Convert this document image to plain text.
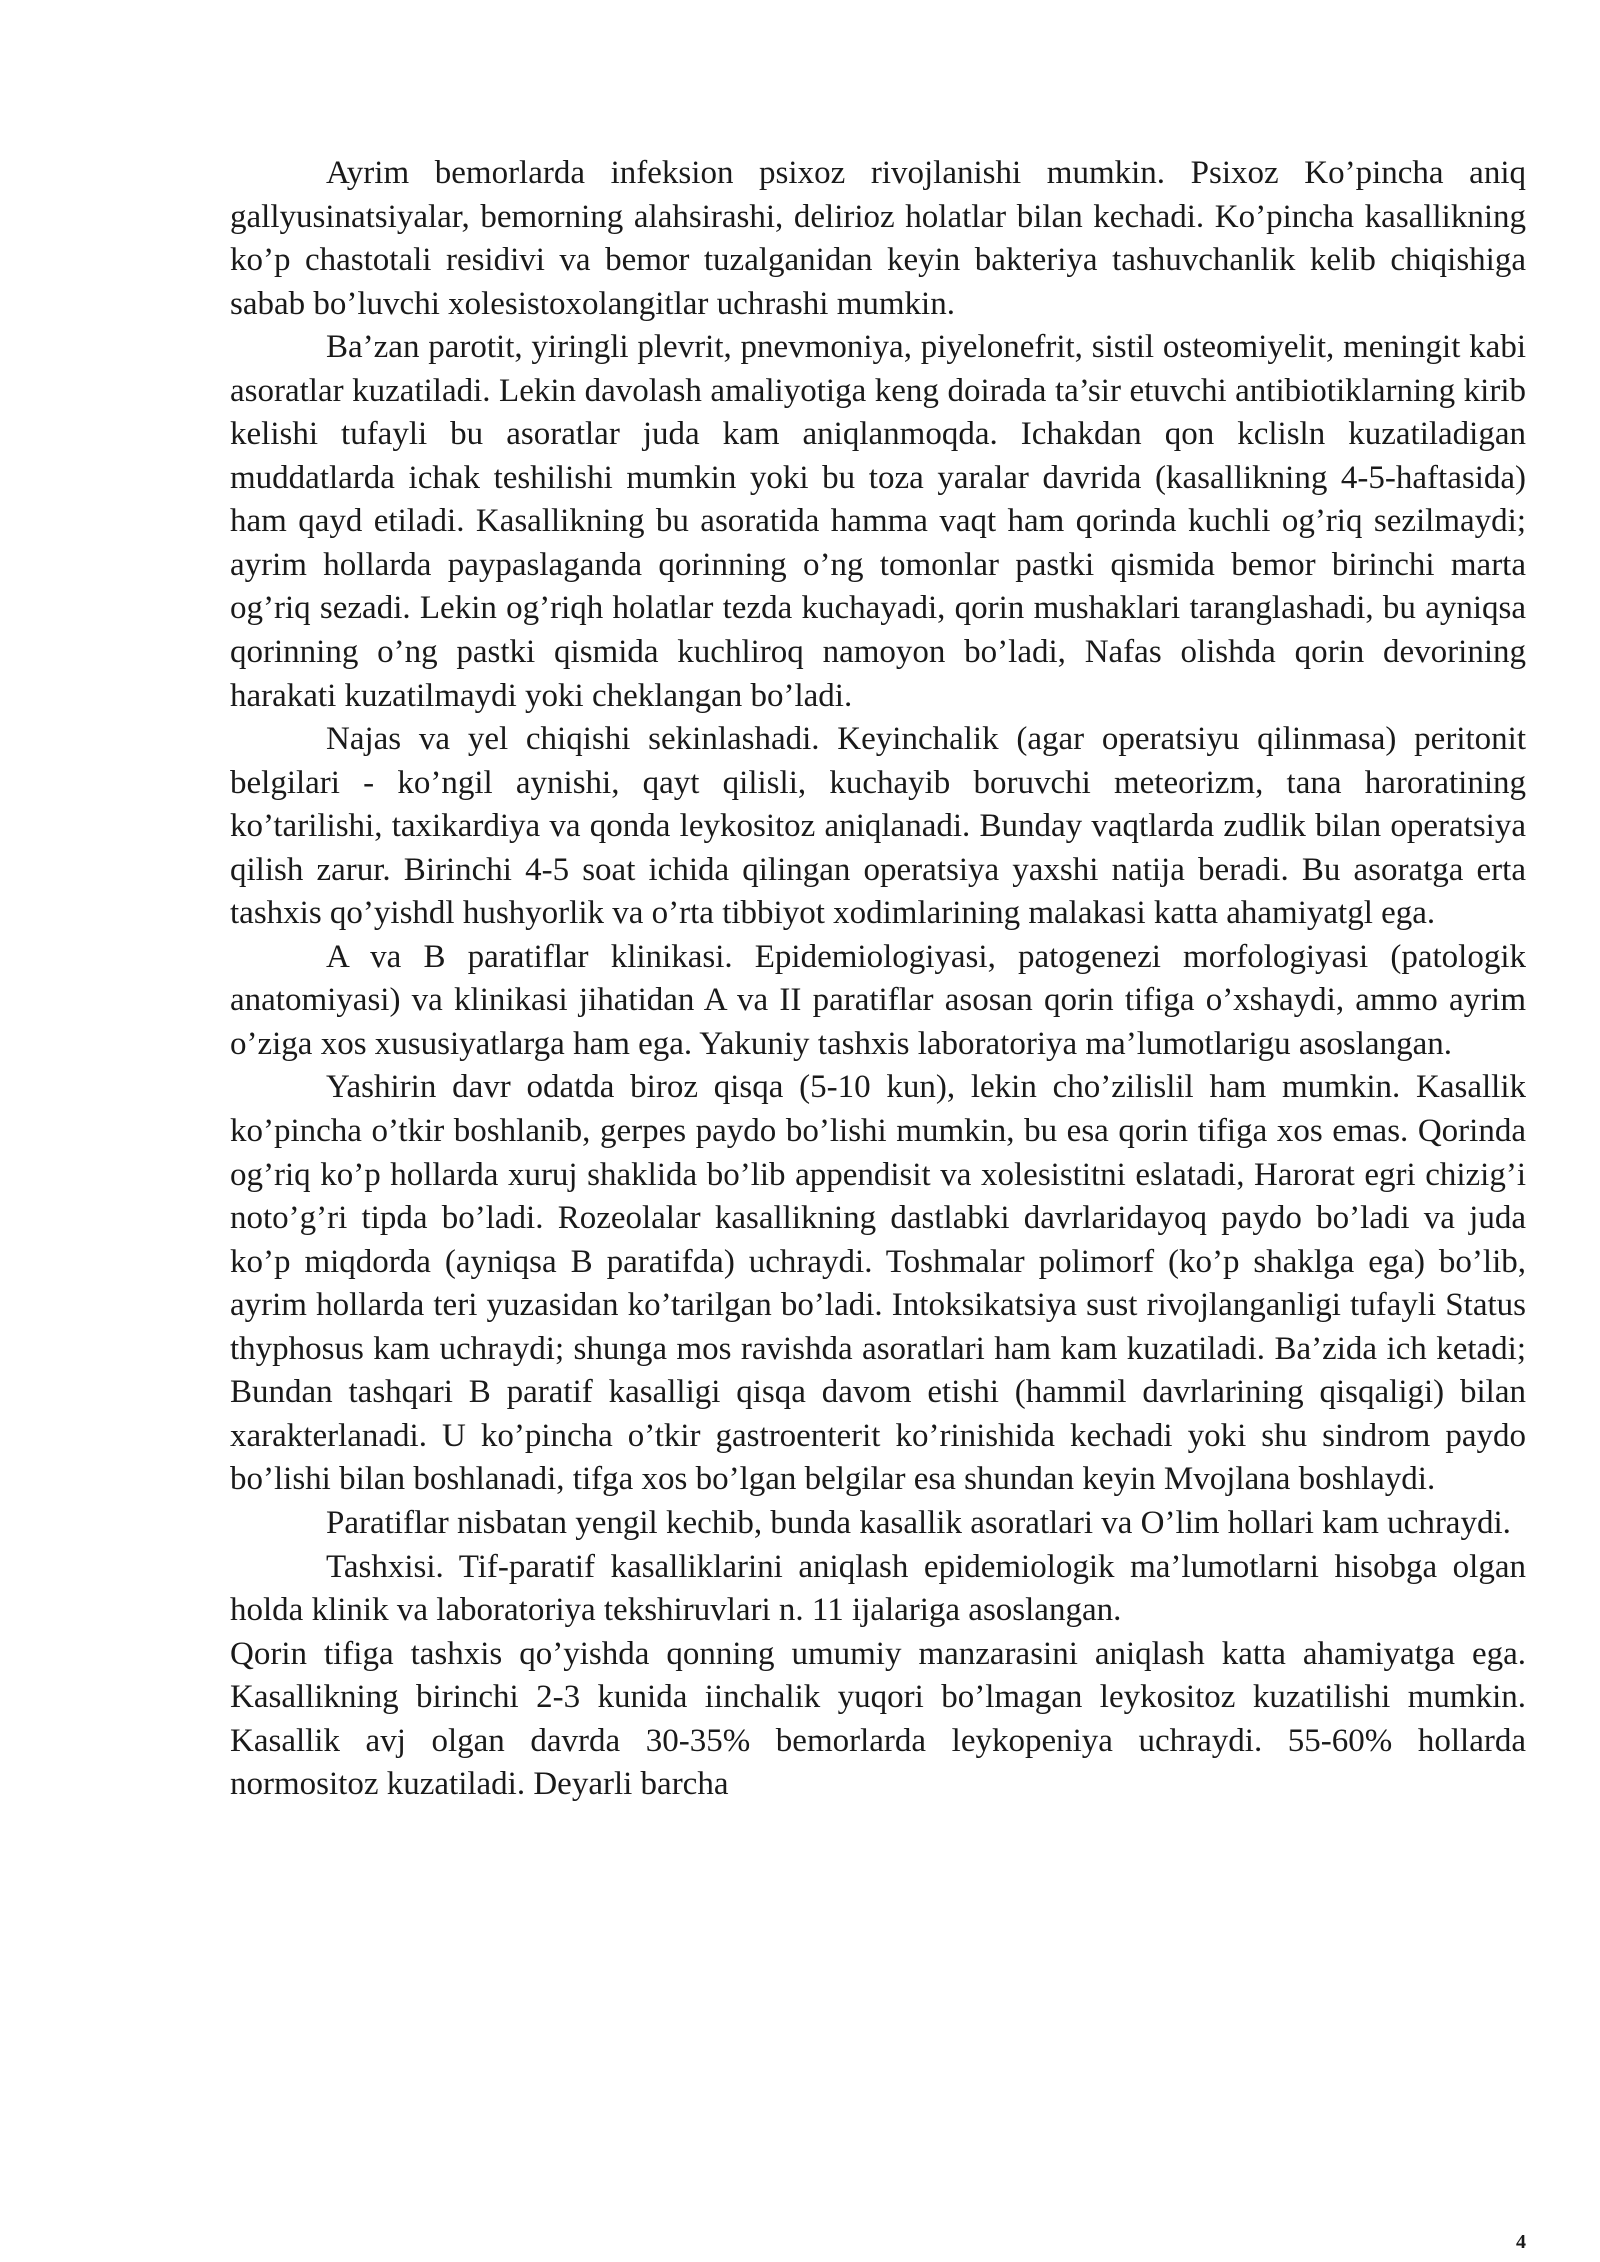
Ayrim bemorlarda infeksion psixoz rivojlanishi mumkin. Psixoz Ko’pincha aniq gallyusinatsiyalar, bemorning alahsirashi, delirioz holatlar bilan kechadi. Ko’pincha kasallikning ko’p chastotali residivi va bemor tuzalganidan keyin bakteriya tashuvchanlik kelib chiqishiga sabab bo’luvchi xolesistoxolangitlar uchrashi mumkin.

Ba’zan parotit, yiringli plevrit, pnevmoniya, piyelonefrit, sistil osteomiyelit, meningit kabi asoratlar kuzatiladi. Lekin davolash amaliyotiga keng doirada ta’sir etuvchi antibiotiklarning kirib kelishi tufayli bu asoratlar juda kam aniqlanmoqda. Ichakdan qon kclisln kuzatiladigan muddatlarda ichak teshilishi mumkin yoki bu toza yaralar davrida (kasallikning 4-5-haftasida) ham qayd etiladi. Kasallikning bu asoratida hamma vaqt ham qorinda kuchli og’riq sezilmaydi; ayrim hollarda paypaslaganda qorinning o’ng tomonlar pastki qismida bemor birinchi marta og’riq sezadi. Lekin og’riqh holatlar tezda kuchayadi, qorin mushaklari taranglashadi, bu ayniqsa qorinning o’ng pastki qismida kuchliroq namoyon bo’ladi, Nafas olishda qorin devorining harakati kuzatilmaydi yoki cheklangan bo’ladi.

Najas va yel chiqishi sekinlashadi. Keyinchalik (agar operatsiyu qilinmasa) peritonit belgilari - ko’ngil aynishi, qayt qilisli, kuchayib boruvchi meteorizm, tana haroratining ko’tarilishi, taxikardiya va qonda leykositoz aniqlanadi. Bunday vaqtlarda zudlik bilan operatsiya qilish zarur. Birinchi 4-5 soat ichida qilingan operatsiya yaxshi natija beradi. Bu asoratga erta tashxis qo’yishdl hushyorlik va o’rta tibbiyot xodimlarining malakasi katta ahamiyatgl ega.

A va B paratiflar klinikasi. Epidemiologiyasi, patogenezi morfologiyasi (patologik anatomiyasi) va klinikasi jihatidan A va II paratiflar asosan qorin tifiga o’xshaydi, ammo ayrim o’ziga xos xususiyatlarga ham ega. Yakuniy tashxis laboratoriya ma’lumotlarigu asoslangan.

Yashirin davr odatda biroz qisqa (5-10 kun), lekin cho’zilislil ham mumkin. Kasallik ko’pincha o’tkir boshlanib, gerpes paydo bo’lishi mumkin, bu esa qorin tifiga xos emas. Qorinda og’riq ko’p hollarda xuruj shaklida bo’lib appendisit va xolesistitni eslatadi, Harorat egri chizig’i noto’g’ri tipda bo’ladi. Rozeolalar kasallikning dastlabki davrlaridayoq paydo bo’ladi va juda ko’p miqdorda (ayniqsa B paratifda) uchraydi. Toshmalar polimorf (ko’p shaklga ega) bo’lib, ayrim hollarda teri yuzasidan ko’tarilgan bo’ladi. Intoksikatsiya sust rivojlanganligi tufayli Status thyphosus kam uchraydi; shunga mos ravishda asoratlari ham kam kuzatiladi. Ba’zida ich ketadi; Bundan tashqari B paratif kasalligi qisqa davom etishi (hammil davrlarining qisqaligi) bilan xarakterlanadi. U ko’pincha o’tkir gastroenterit ko’rinishida kechadi yoki shu sindrom paydo bo’lishi bilan boshlanadi, tifga xos bo’lgan belgilar esa shundan keyin Mvojlana boshlaydi.

Paratiflar nisbatan yengil kechib, bunda kasallik asoratlari va O’lim hollari kam uchraydi.

Tashxisi. Tif-paratif kasalliklarini aniqlash epidemiologik ma’lumotlarni hisobga olgan holda klinik va laboratoriya tekshiruvlari n. 11 ijalariga asoslangan.

Qorin tifiga tashxis qo’yishda qonning umumiy manzarasini aniqlash katta ahamiyatga ega. Kasallikning birinchi 2-3 kunida iinchalik yuqori bo’lmagan leykositoz kuzatilishi mumkin. Kasallik avj olgan davrda 30-35% bemorlarda leykopeniya uchraydi. 55-60% hollarda normositoz kuzatiladi. Deyarli barcha

4
